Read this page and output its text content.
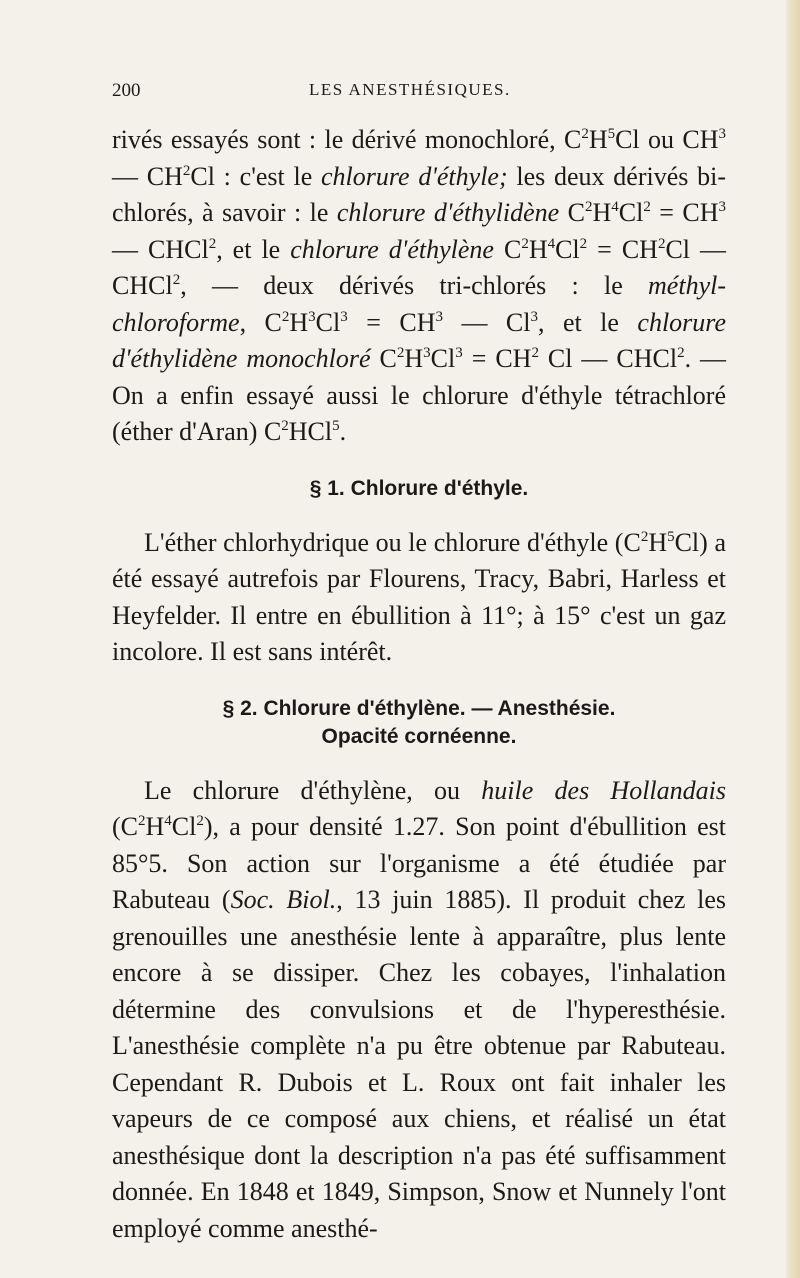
200	LES ANESTHÉSIQUES.

rivés essayés sont : le dérivé monochloré, $C^2H^5Cl$ ou $CH^3$ — $CH^2Cl$ : c'est le chlorure d'éthyle; les deux dérivés bi-chlorés, à savoir : le chlorure d'éthylidène $C^2H^4Cl^2 = CH^3$ — CHCl$^2$, et le chlorure d'éthylène $C^2H^4Cl^2 = CH^2Cl$ — CHCl$^2$, — deux dérivés tri-chlorés : le méthyl-chloroforme, $C^2H^3Cl^3 = CH^3$ — Cl$^3$, et le chlorure d'éthylidène monochloré $C^2H^3Cl^3 = CH^2$ Cl — CHCl$^2$. — On a enfin essayé aussi le chlorure d'éthyle tétrachloré (éther d'Aran) $C^2HCl^5$.

§ 1. Chlorure d'éthyle.

L'éther chlorhydrique ou le chlorure d'éthyle $(C^2H^5Cl)$ a été essayé autrefois par Flourens, Tracy, Babri, Harless et Heyfelder. Il entre en ébullition à 11°; à 15° c'est un gaz incolore. Il est sans intérêt.

§ 2. Chlorure d'éthylène. — Anesthésie.
Opacité cornéenne.

Le chlorure d'éthylène, ou huile des Hollandais $(C^2H^4Cl^2)$, a pour densité 1.27. Son point d'ébullition est 85°5. Son action sur l'organisme a été étudiée par Rabuteau (Soc. Biol., 13 juin 1885). Il produit chez les grenouilles une anesthésie lente à apparaître, plus lente encore à se dissiper. Chez les cobayes, l'inhalation détermine des convulsions et de l'hyperesthésie. L'anesthésie complète n'a pu être obtenue par Rabuteau. Cependant R. Dubois et L. Roux ont fait inhaler les vapeurs de ce composé aux chiens, et réalisé un état anesthésique dont la description n'a pas été suffisamment donnée. En 1848 et 1849, Simpson, Snow et Nunnely l'ont employé comme anesthé-
